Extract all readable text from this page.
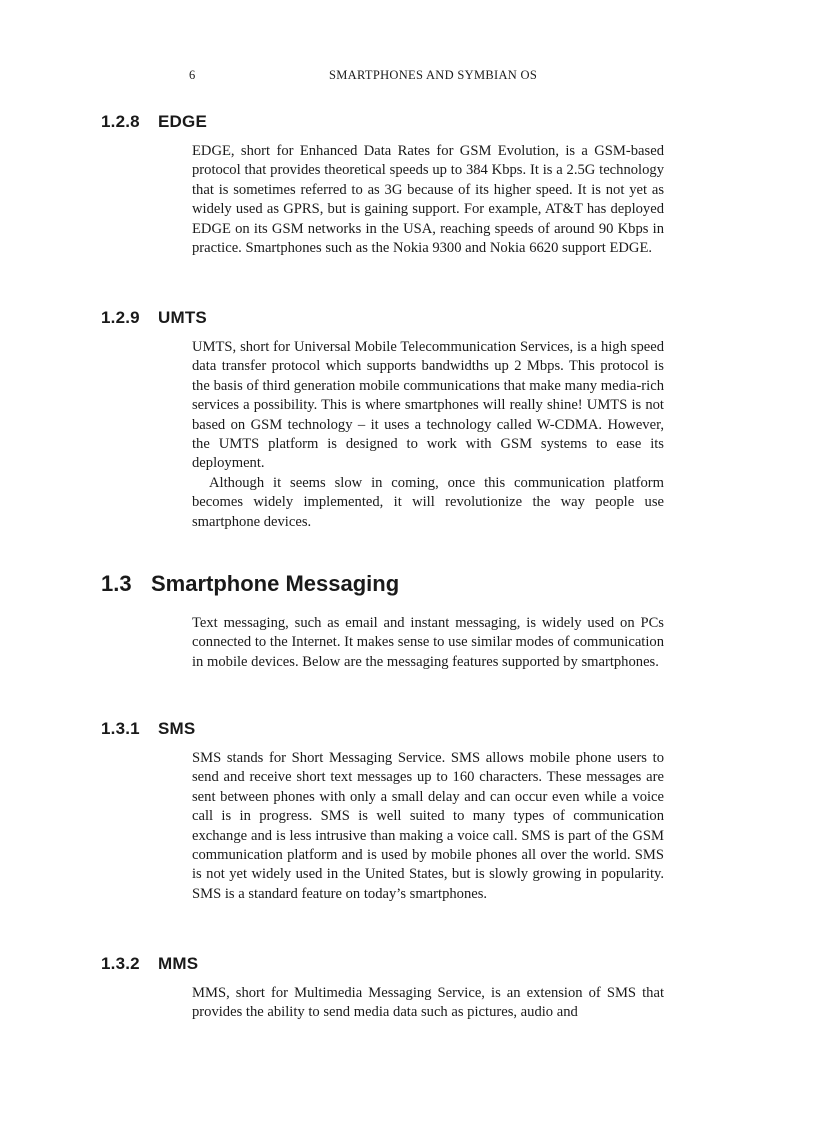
6	SMARTPHONES AND SYMBIAN OS
1.2.8 EDGE

EDGE, short for Enhanced Data Rates for GSM Evolution, is a GSM-based protocol that provides theoretical speeds up to 384 Kbps. It is a 2.5G technology that is sometimes referred to as 3G because of its higher speed. It is not yet as widely used as GPRS, but is gaining support. For example, AT&T has deployed EDGE on its GSM networks in the USA, reaching speeds of around 90 Kbps in practice. Smartphones such as the Nokia 9300 and Nokia 6620 support EDGE.

1.2.9 UMTS

UMTS, short for Universal Mobile Telecommunication Services, is a high speed data transfer protocol which supports bandwidths up 2 Mbps. This protocol is the basis of third generation mobile communications that make many media-rich services a possibility. This is where smartphones will really shine! UMTS is not based on GSM technology – it uses a technology called W-CDMA. However, the UMTS platform is designed to work with GSM systems to ease its deployment.

Although it seems slow in coming, once this communication platform becomes widely implemented, it will revolutionize the way people use smartphone devices.

1.3 Smartphone Messaging

Text messaging, such as email and instant messaging, is widely used on PCs connected to the Internet. It makes sense to use similar modes of communication in mobile devices. Below are the messaging features supported by smartphones.

1.3.1 SMS

SMS stands for Short Messaging Service. SMS allows mobile phone users to send and receive short text messages up to 160 characters. These messages are sent between phones with only a small delay and can occur even while a voice call is in progress. SMS is well suited to many types of communication exchange and is less intrusive than making a voice call. SMS is part of the GSM communication platform and is used by mobile phones all over the world. SMS is not yet widely used in the United States, but is slowly growing in popularity. SMS is a standard feature on today’s smartphones.

1.3.2 MMS

MMS, short for Multimedia Messaging Service, is an extension of SMS that provides the ability to send media data such as pictures, audio and
